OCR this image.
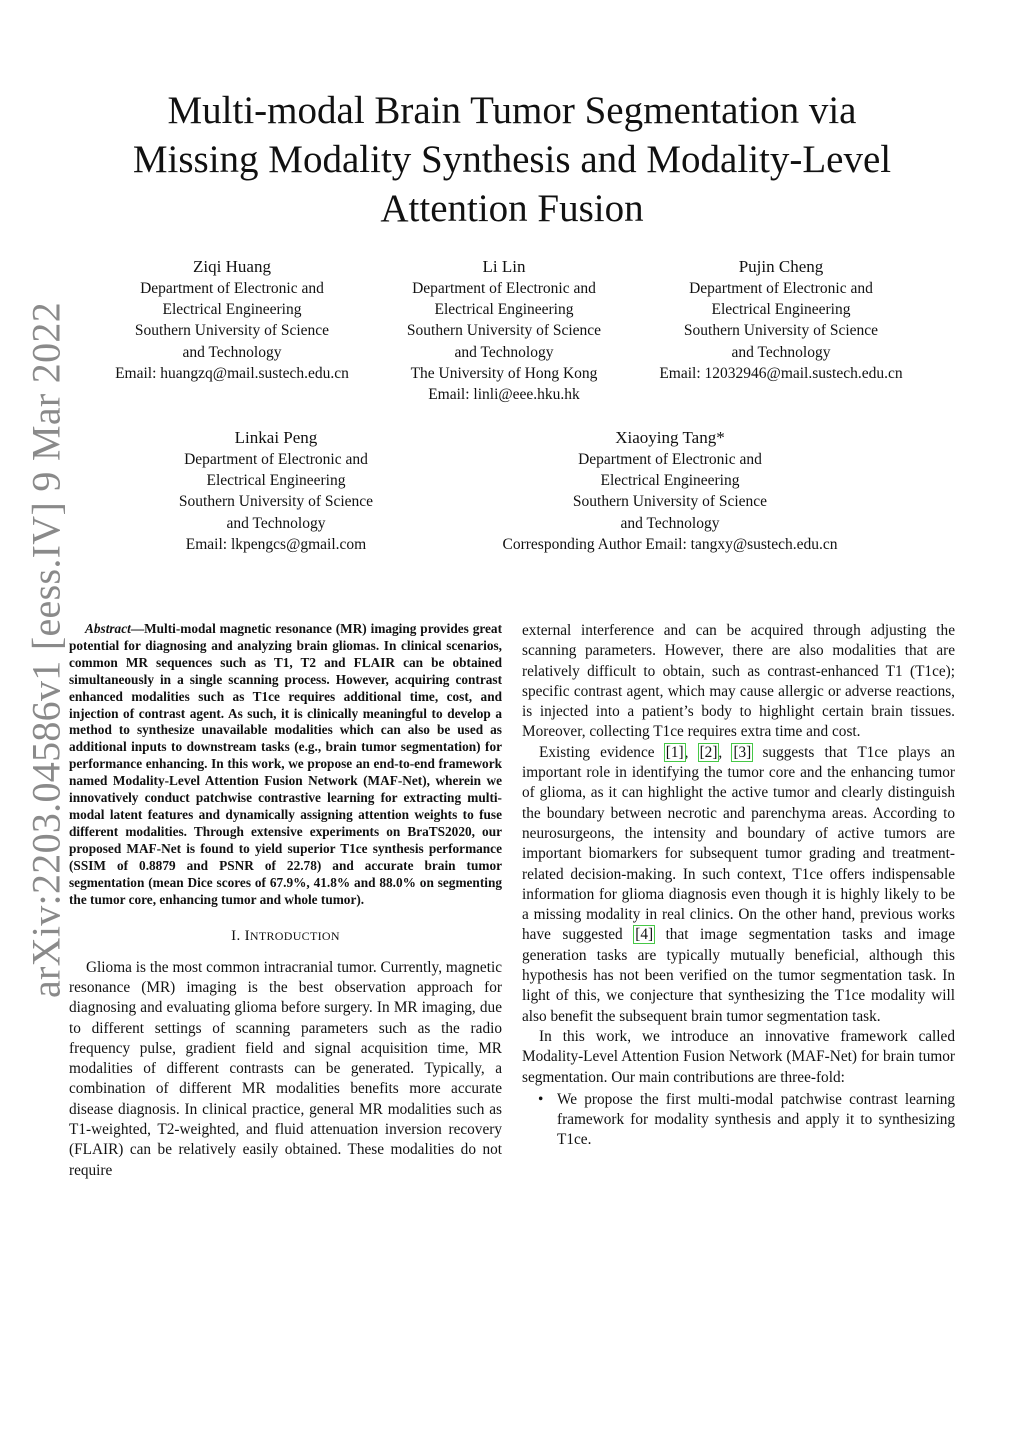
arXiv:2203.04586v1 [eess.IV] 9 Mar 2022
Multi-modal Brain Tumor Segmentation via
Missing Modality Synthesis and Modality-Level
Attention Fusion
Ziqi Huang
Department of Electronic and
Electrical Engineering
Southern University of Science
and Technology
Email: huangzq@mail.sustech.edu.cn
Li Lin
Department of Electronic and
Electrical Engineering
Southern University of Science
and Technology
The University of Hong Kong
Email: linli@eee.hku.hk
Pujin Cheng
Department of Electronic and
Electrical Engineering
Southern University of Science
and Technology
Email: 12032946@mail.sustech.edu.cn
Linkai Peng
Department of Electronic and
Electrical Engineering
Southern University of Science
and Technology
Email: lkpengcs@gmail.com
Xiaoying Tang*
Department of Electronic and
Electrical Engineering
Southern University of Science
and Technology
Corresponding Author Email: tangxy@sustech.edu.cn

Abstract—Multi-modal magnetic resonance (MR) imaging provides great potential for diagnosing and analyzing brain gliomas. In clinical scenarios, common MR sequences such as T1, T2 and FLAIR can be obtained simultaneously in a single scanning process. However, acquiring contrast enhanced modalities such as T1ce requires additional time, cost, and injection of contrast agent. As such, it is clinically meaningful to develop a method to synthesize unavailable modalities which can also be used as additional inputs to downstream tasks (e.g., brain tumor segmentation) for performance enhancing. In this work, we propose an end-to-end framework named Modality-Level Attention Fusion Network (MAF-Net), wherein we innovatively conduct patchwise contrastive learning for extracting multi-modal latent features and dynamically assigning attention weights to fuse different modalities. Through extensive experiments on BraTS2020, our proposed MAF-Net is found to yield superior T1ce synthesis performance (SSIM of 0.8879 and PSNR of 22.78) and accurate brain tumor segmentation (mean Dice scores of 67.9%, 41.8% and 88.0% on segmenting the tumor core, enhancing tumor and whole tumor).

I. INTRODUCTION

Glioma is the most common intracranial tumor. Currently, magnetic resonance (MR) imaging is the best observation approach for diagnosing and evaluating glioma before surgery. In MR imaging, due to different settings of scanning parameters such as the radio frequency pulse, gradient field and signal acquisition time, MR modalities of different contrasts can be generated. Typically, a combination of different MR modalities benefits more accurate disease diagnosis. In clinical practice, general MR modalities such as T1-weighted, T2-weighted, and fluid attenuation inversion recovery (FLAIR) can be relatively easily obtained. These modalities do not require

external interference and can be acquired through adjusting the scanning parameters. However, there are also modalities that are relatively difficult to obtain, such as contrast-enhanced T1 (T1ce); specific contrast agent, which may cause allergic or adverse reactions, is injected into a patient’s body to highlight certain brain tissues. Moreover, collecting T1ce requires extra time and cost.

Existing evidence [1], [2], [3] suggests that T1ce plays an important role in identifying the tumor core and the enhancing tumor of glioma, as it can highlight the active tumor and clearly distinguish the boundary between necrotic and parenchyma areas. According to neurosurgeons, the intensity and boundary of active tumors are important biomarkers for subsequent tumor grading and treatment-related decision-making. In such context, T1ce offers indispensable information for glioma diagnosis even though it is highly likely to be a missing modality in real clinics. On the other hand, previous works have suggested [4] that image segmentation tasks and image generation tasks are typically mutually beneficial, although this hypothesis has not been verified on the tumor segmentation task. In light of this, we conjecture that synthesizing the T1ce modality will also benefit the subsequent brain tumor segmentation task.

In this work, we introduce an innovative framework called Modality-Level Attention Fusion Network (MAF-Net) for brain tumor segmentation. Our main contributions are three-fold:

• We propose the first multi-modal patchwise contrast learning framework for modality synthesis and apply it to synthesizing T1ce.
